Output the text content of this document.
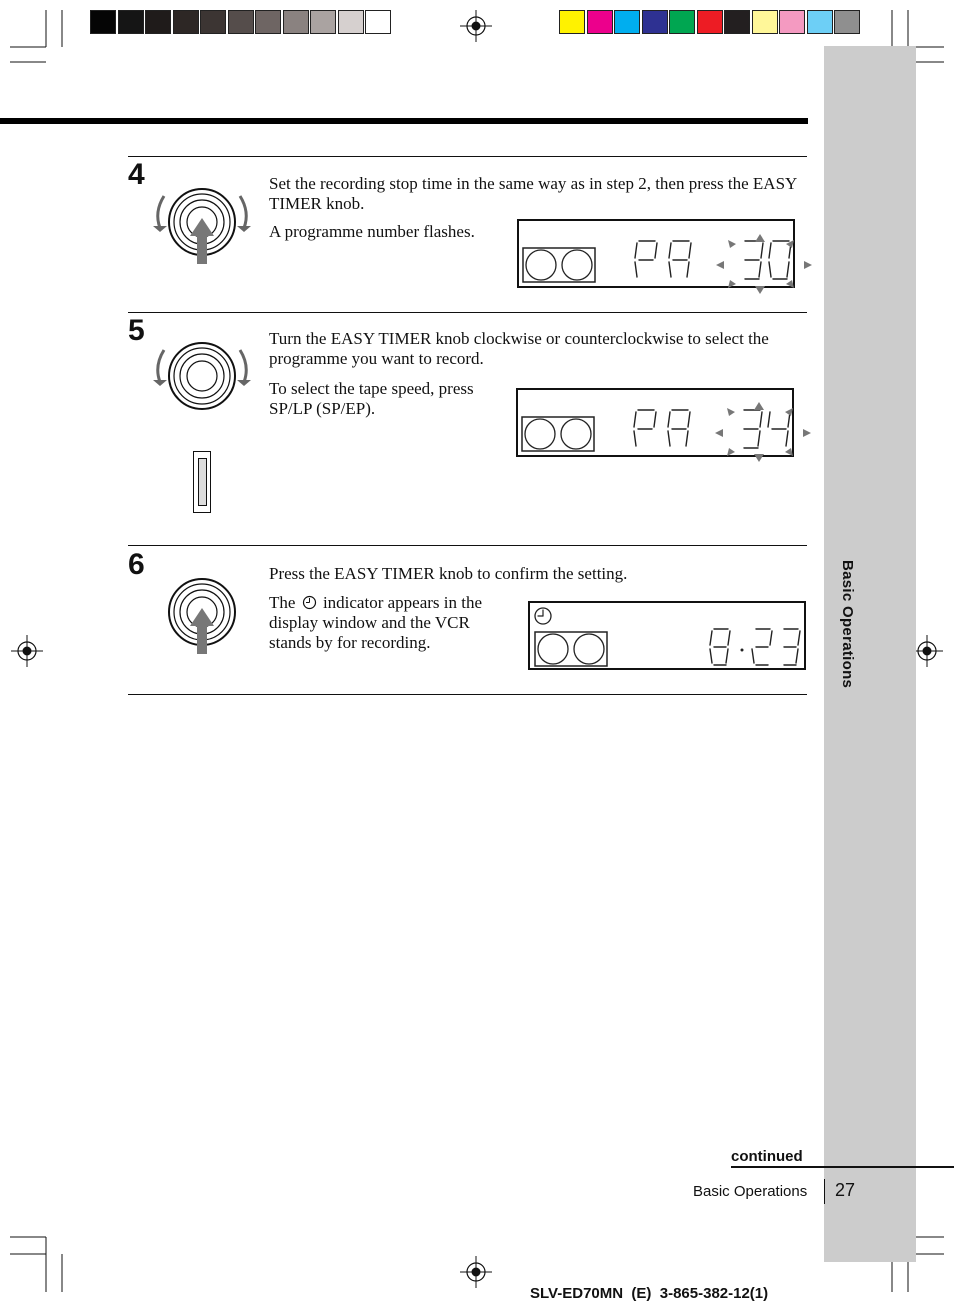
Basic Operations
4	Set the recording stop time in the same way as in step 2, then press the EASY TIMER knob.
A programme number flashes.
5	Turn the EASY TIMER knob clockwise or counterclockwise to select the programme you want to record.
To select the tape speed, press SP/LP (SP/EP).
6	Press the EASY TIMER knob to confirm the setting.
The indicator appears in the display window and the VCR stands by for recording.
continued
Basic Operations 27
SLV-ED70MN  (E)  3-865-382-12(1)
